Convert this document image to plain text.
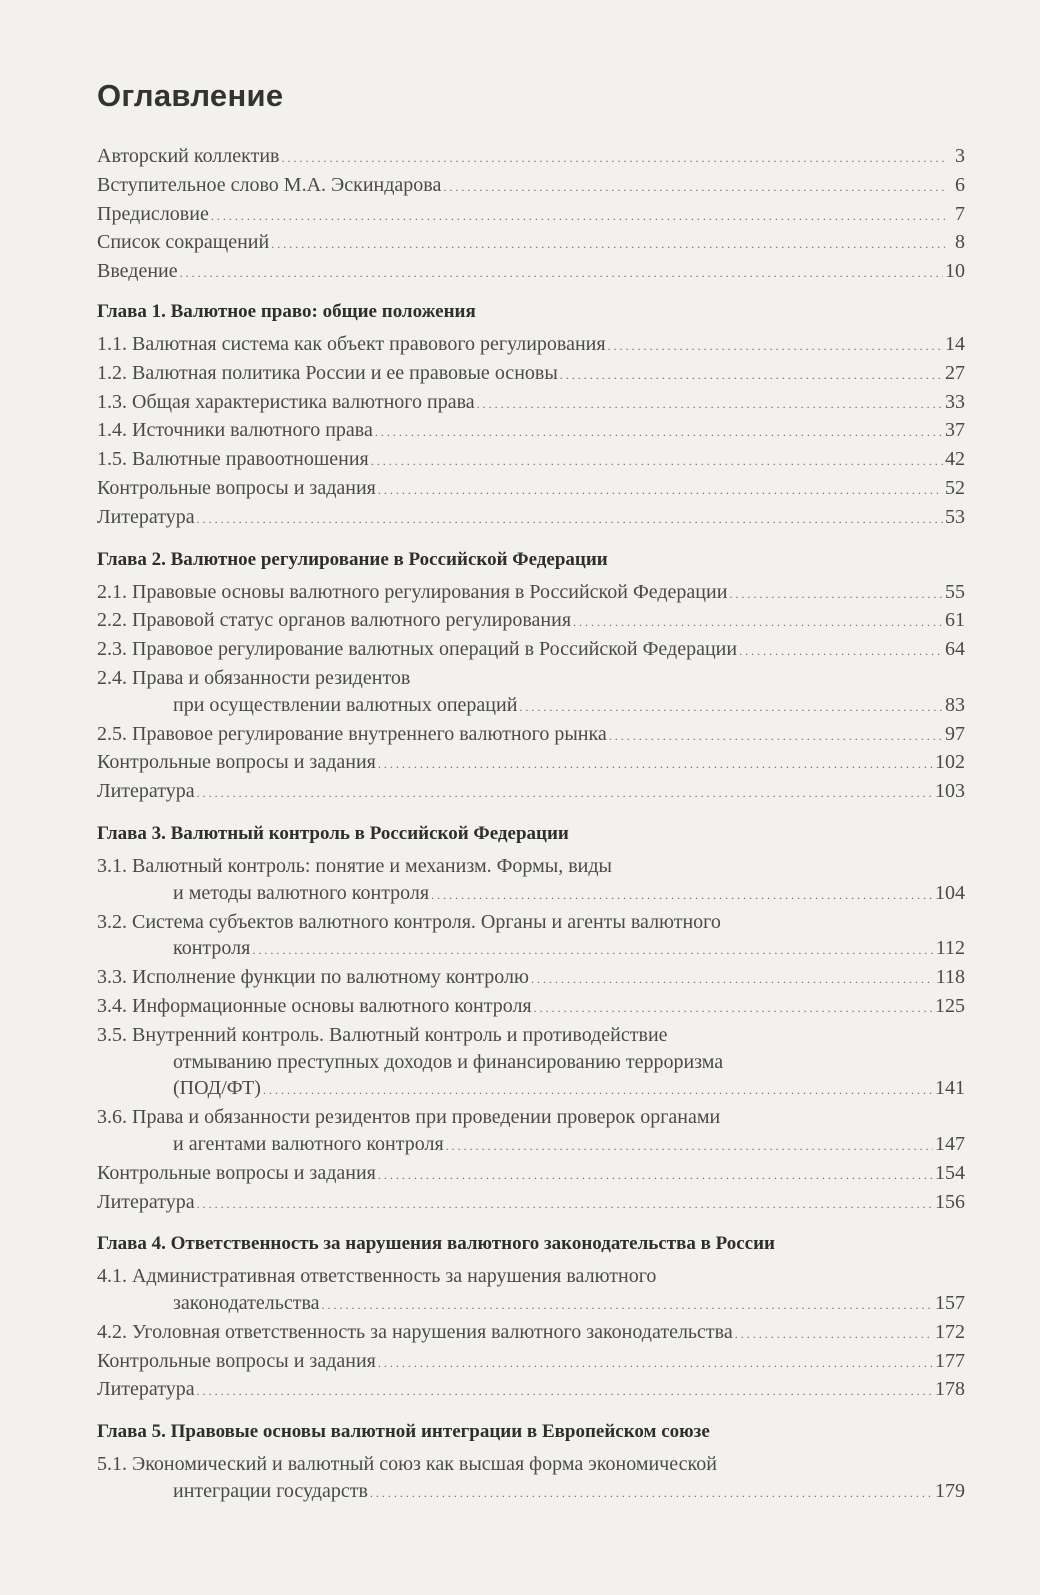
Оглавление
Авторский коллектив . . .	3
Вступительное слово М.А. Эскиндарова . . .	6
Предисловие . . .	7
Список сокращений . . .	8
Введение . . .	10
Глава 1. Валютное право: общие положения
1.1. Валютная система как объект правового регулирования . . .	14
1.2. Валютная политика России и ее правовые основы . . .	27
1.3. Общая характеристика валютного права . . .	33
1.4. Источники валютного права . . .	37
1.5. Валютные правоотношения . . .	42
Контрольные вопросы и задания . . .	52
Литература . . .	53
Глава 2. Валютное регулирование в Российской Федерации
2.1. Правовые основы валютного регулирования в Российской Федерации . . .	55
2.2. Правовой статус органов валютного регулирования . . .	61
2.3. Правовое регулирование валютных операций в Российской Федерации . . .	64
2.4. Права и обязанности резидентов
при осуществлении валютных операций . . .	83
2.5. Правовое регулирование внутреннего валютного рынка . . .	97
Контрольные вопросы и задания . . .	102
Литература . . .	103
Глава 3. Валютный контроль в Российской Федерации
3.1. Валютный контроль: понятие и механизм. Формы, виды
и методы валютного контроля . . .	104
3.2. Система субъектов валютного контроля. Органы и агенты валютного
контроля . . .	112
3.3. Исполнение функции по валютному контролю . . .	118
3.4. Информационные основы валютного контроля . . .	125
3.5. Внутренний контроль. Валютный контроль и противодействие
отмыванию преступных доходов и финансированию терроризма
(ПОД/ФТ) . . .	141
3.6. Права и обязанности резидентов при проведении проверок органами
и агентами валютного контроля . . .	147
Контрольные вопросы и задания . . .	154
Литература . . .	156
Глава 4. Ответственность за нарушения валютного законодательства в России
4.1. Административная ответственность за нарушения валютного
законодательства . . .	157
4.2. Уголовная ответственность за нарушения валютного законодательства . . .	172
Контрольные вопросы и задания . . .	177
Литература . . .	178
Глава 5. Правовые основы валютной интеграции в Европейском союзе
5.1. Экономический и валютный союз как высшая форма экономической
интеграции государств . . .	179
